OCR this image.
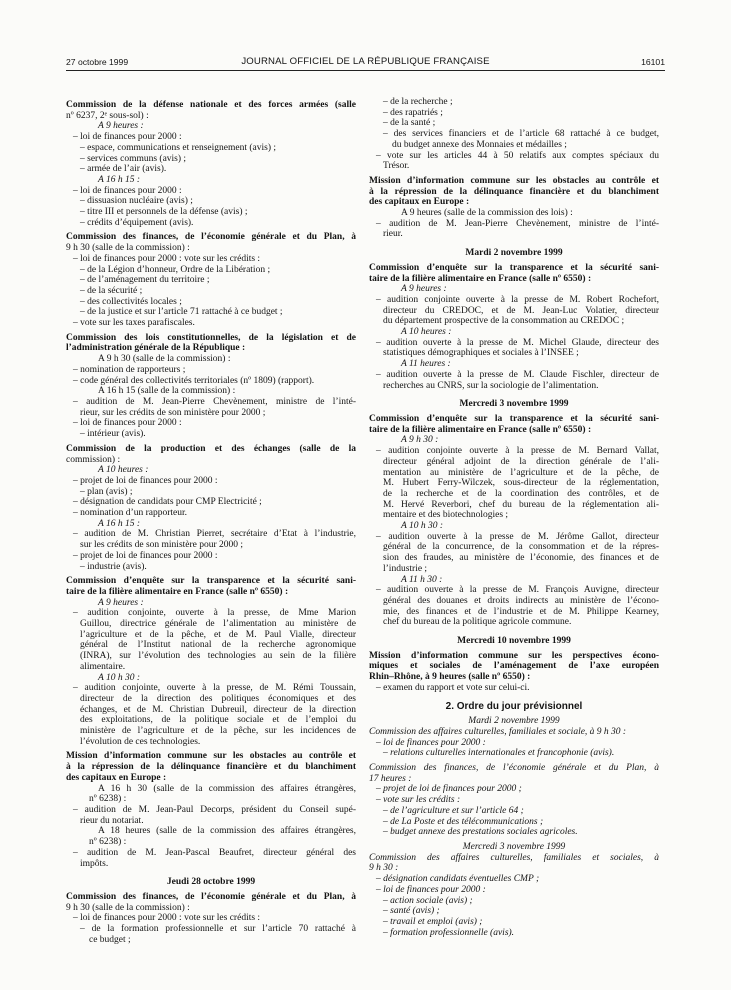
27 octobre 1999	JOURNAL OFFICIEL DE LA RÉPUBLIQUE FRANÇAISE	16101
Commission de la défense nationale et des forces armées (salle
nº 6237, 2ᵉ sous-sol) :
A 9 heures :
– loi de finances pour 2000 :
– espace, communications et renseignement (avis) ;
– services communs (avis) ;
– armée de l’air (avis).
A 16 h 15 :
– loi de finances pour 2000 :
– dissuasion nucléaire (avis) ;
– titre III et personnels de la défense (avis) ;
– crédits d’équipement (avis).
Commission des finances, de l’économie générale et du Plan, à
9 h 30 (salle de la commission) :
– loi de finances pour 2000 : vote sur les crédits :
– de la Légion d’honneur, Ordre de la Libération ;
– de l’aménagement du territoire ;
– de la sécurité ;
– des collectivités locales ;
– de la justice et sur l’article 71 rattaché à ce budget ;
– vote sur les taxes parafiscales.
Commission des lois constitutionnelles, de la législation et de
l’administration générale de la République :
A 9 h 30 (salle de la commission) :
– nomination de rapporteurs ;
– code général des collectivités territoriales (nº 1809) (rapport).
A 16 h 15 (salle de la commission) :
– audition de M. Jean-Pierre Chevènement, ministre de l’inté-
rieur, sur les crédits de son ministère pour 2000 ;
– loi de finances pour 2000 :
– intérieur (avis).
Commission de la production et des échanges (salle de la
commission) :
A 10 heures :
– projet de loi de finances pour 2000 :
– plan (avis) ;
– désignation de candidats pour CMP Electricité ;
– nomination d’un rapporteur.
A 16 h 15 :
– audition de M. Christian Pierret, secrétaire d’Etat à l’industrie,
sur les crédits de son ministère pour 2000 ;
– projet de loi de finances pour 2000 :
– industrie (avis).
Commission d’enquête sur la transparence et la sécurité sani-
taire de la filière alimentaire en France (salle nº 6550) :
A 9 heures :
– audition conjointe, ouverte à la presse, de Mme Marion
Guillou, directrice générale de l’alimentation au ministère de
l’agriculture et de la pêche, et de M. Paul Vialle, directeur
général de l’Institut national de la recherche agronomique
(INRA), sur l’évolution des technologies au sein de la filière
alimentaire.
A 10 h 30 :
– audition conjointe, ouverte à la presse, de M. Rémi Toussain,
directeur de la direction des politiques économiques et des
échanges, et de M. Christian Dubreuil, directeur de la direction
des exploitations, de la politique sociale et de l’emploi du
ministère de l’agriculture et de la pêche, sur les incidences de
l’évolution de ces technologies.
Mission d’information commune sur les obstacles au contrôle et
à la répression de la délinquance financière et du blanchiment
des capitaux en Europe :
A 16 h 30 (salle de la commission des affaires étrangères,
nº 6238) :
– audition de M. Jean-Paul Decorps, président du Conseil supé-
rieur du notariat.
A 18 heures (salle de la commission des affaires étrangères,
nº 6238) :
– audition de M. Jean-Pascal Beaufret, directeur général des
impôts.
Jeudi 28 octobre 1999
Commission des finances, de l’économie générale et du Plan, à
9 h 30 (salle de la commission) :
– loi de finances pour 2000 : vote sur les crédits :
– de la formation professionnelle et sur l’article 70 rattaché à
ce budget ;
– de la recherche ;
– des rapatriés ;
– de la santé ;
– des services financiers et de l’article 68 rattaché à ce budget,
du budget annexe des Monnaies et médailles ;
– vote sur les articles 44 à 50 relatifs aux comptes spéciaux du
Trésor.
Mission d’information commune sur les obstacles au contrôle et
à la répression de la délinquance financière et du blanchiment
des capitaux en Europe :
A 9 heures (salle de la commission des lois) :
– audition de M. Jean-Pierre Chevènement, ministre de l’inté-
rieur.
Mardi 2 novembre 1999
Commission d’enquête sur la transparence et la sécurité sani-
taire de la filière alimentaire en France (salle nº 6550) :
A 9 heures :
– audition conjointe ouverte à la presse de M. Robert Rochefort,
directeur du CREDOC, et de M. Jean-Luc Volatier, directeur
du département prospective de la consommation au CREDOC ;
A 10 heures :
– audition ouverte à la presse de M. Michel Glaude, directeur des
statistiques démographiques et sociales à l’INSEE ;
A 11 heures :
– audition ouverte à la presse de M. Claude Fischler, directeur de
recherches au CNRS, sur la sociologie de l’alimentation.
Mercredi 3 novembre 1999
Commission d’enquête sur la transparence et la sécurité sani-
taire de la filière alimentaire en France (salle nº 6550) :
A 9 h 30 :
– audition conjointe ouverte à la presse de M. Bernard Vallat,
directeur général adjoint de la direction générale de l’ali-
mentation au ministère de l’agriculture et de la pêche, de
M. Hubert Ferry-Wilczek, sous-directeur de la réglementation,
de la recherche et de la coordination des contrôles, et de
M. Hervé Reverbori, chef du bureau de la réglementation ali-
mentaire et des biotechnologies ;
A 10 h 30 :
– audition ouverte à la presse de M. Jérôme Gallot, directeur
général de la concurrence, de la consommation et de la répres-
sion des fraudes, au ministère de l’économie, des finances et de
l’industrie ;
A 11 h 30 :
– audition ouverte à la presse de M. François Auvigne, directeur
général des douanes et droits indirects au ministère de l’écono-
mie, des finances et de l’industrie et de M. Philippe Kearney,
chef du bureau de la politique agricole commune.
Mercredi 10 novembre 1999
Mission d’information commune sur les perspectives écono-
miques et sociales de l’aménagement de l’axe européen
Rhin–Rhône, à 9 heures (salle nº 6550) :
– examen du rapport et vote sur celui-ci.
2. Ordre du jour prévisionnel
Mardi 2 novembre 1999
Commission des affaires culturelles, familiales et sociale, à 9 h 30 :
– loi de finances pour 2000 :
– relations culturelles internationales et francophonie (avis).
Commission des finances, de l’économie générale et du Plan, à
17 heures :
– projet de loi de finances pour 2000 ;
– vote sur les crédits :
– de l’agriculture et sur l’article 64 ;
– de La Poste et des télécommunications ;
– budget annexe des prestations sociales agricoles.
Mercredi 3 novembre 1999
Commission des affaires culturelles, familiales et sociales, à
9 h 30 :
– désignation candidats éventuelles CMP ;
– loi de finances pour 2000 :
– action sociale (avis) ;
– santé (avis) ;
– travail et emploi (avis) ;
– formation professionnelle (avis).
